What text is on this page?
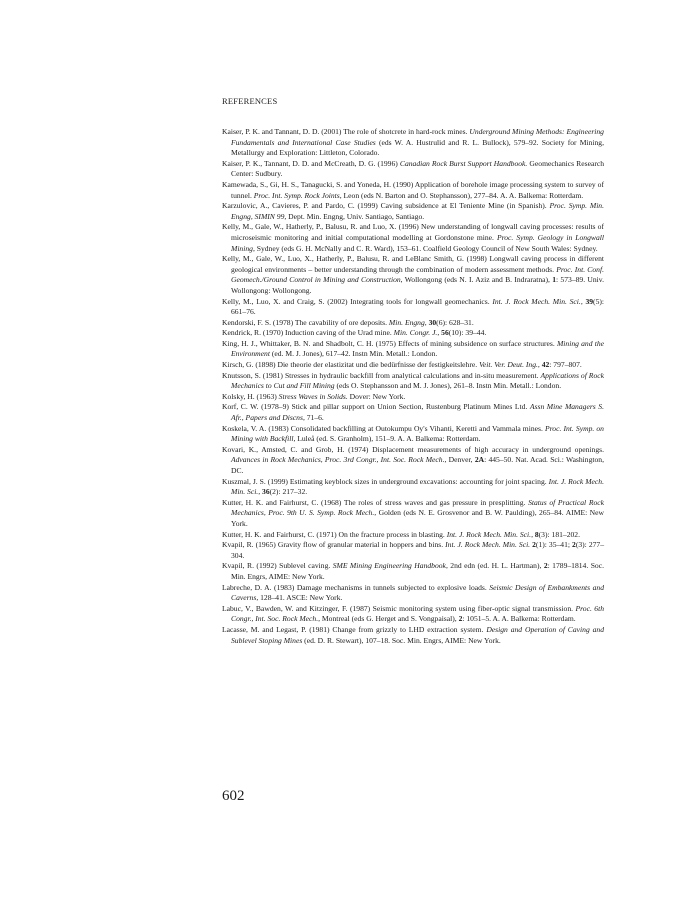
REFERENCES

Kaiser, P. K. and Tannant, D. D. (2001) The role of shotcrete in hard-rock mines. Underground Mining Methods: Engineering Fundamentals and International Case Studies (eds W. A. Hustrulid and R. L. Bullock), 579–92. Society for Mining, Metallurgy and Exploration: Littleton, Colorado.

Kaiser, P. K., Tannant, D. D. and McCreath, D. G. (1996) Canadian Rock Burst Support Handbook. Geomechanics Research Center: Sudbury.

Kamewada, S., Gi, H. S., Tanagucki, S. and Yoneda, H. (1990) Application of borehole image processing system to survey of tunnel. Proc. Int. Symp. Rock Joints, Leon (eds N. Barton and O. Stephansson), 277–84. A. A. Balkema: Rotterdam.

Karzulovic, A., Cavieres, P. and Pardo, C. (1999) Caving subsidence at El Teniente Mine (in Spanish). Proc. Symp. Min. Engng, SIMIN 99, Dept. Min. Engng, Univ. Santiago, Santiago.

Kelly, M., Gale, W., Hatherly, P., Balusu, R. and Luo, X. (1996) New understanding of longwall caving processes: results of microseismic monitoring and initial computational modelling at Gordonstone mine. Proc. Symp. Geology in Longwall Mining, Sydney (eds G. H. McNally and C. R. Ward), 153–61. Coalfield Geology Council of New South Wales: Sydney.

Kelly, M., Gale, W., Luo, X., Hatherly, P., Balusu, R. and LeBlanc Smith, G. (1998) Longwall caving process in different geological environments – better understanding through the combination of modern assessment methods. Proc. Int. Conf. Geomech./Ground Control in Mining and Construction, Wollongong (eds N. I. Aziz and B. Indraratna), 1: 573–89. Univ. Wollongong: Wollongong.

Kelly, M., Luo, X. and Craig, S. (2002) Integrating tools for longwall geomechanics. Int. J. Rock Mech. Min. Sci., 39(5): 661–76.

Kendorski, F. S. (1978) The cavability of ore deposits. Min. Engng, 30(6): 628–31.

Kendrick, R. (1970) Induction caving of the Urad mine. Min. Congr. J., 56(10): 39–44.

King, H. J., Whittaker, B. N. and Shadbolt, C. H. (1975) Effects of mining subsidence on surface structures. Mining and the Environment (ed. M. J. Jones), 617–42. Instn Min. Metall.: London.

Kirsch, G. (1898) Die theorie der elastizitat und die bedürfnisse der festigkeitslehre. Veit. Ver. Deut. Ing., 42: 797–807.

Knutsson, S. (1981) Stresses in hydraulic backfill from analytical calculations and in-situ measurement. Applications of Rock Mechanics to Cut and Fill Mining (eds O. Stephansson and M. J. Jones), 261–8. Instn Min. Metall.: London.

Kolsky, H. (1963) Stress Waves in Solids. Dover: New York.

Korf, C. W. (1978–9) Stick and pillar support on Union Section, Rustenburg Platinum Mines Ltd. Assn Mine Managers S. Afr., Papers and Discns, 71–6.

Koskela, V. A. (1983) Consolidated backfilling at Outokumpu Oy's Vihanti, Keretti and Vammala mines. Proc. Int. Symp. on Mining with Backfill, Luleå (ed. S. Granholm), 151–9. A. A. Balkema: Rotterdam.

Kovari, K., Amsted, C. and Grob, H. (1974) Displacement measurements of high accuracy in underground openings. Advances in Rock Mechanics, Proc. 3rd Congr., Int. Soc. Rock Mech., Denver, 2A: 445–50. Nat. Acad. Sci.: Washington, DC.

Kuszmal, J. S. (1999) Estimating keyblock sizes in underground excavations: accounting for joint spacing. Int. J. Rock Mech. Min. Sci., 36(2): 217–32.

Kutter, H. K. and Fairhurst, C. (1968) The roles of stress waves and gas pressure in presplitting. Status of Practical Rock Mechanics, Proc. 9th U. S. Symp. Rock Mech., Golden (eds N. E. Grosvenor and B. W. Paulding), 265–84. AIME: New York.

Kutter, H. K. and Fairhurst, C. (1971) On the fracture process in blasting. Int. J. Rock Mech. Min. Sci., 8(3): 181–202.

Kvapil, R. (1965) Gravity flow of granular material in hoppers and bins. Int. J. Rock Mech. Min. Sci. 2(1): 35–41; 2(3): 277–304.

Kvapil, R. (1992) Sublevel caving. SME Mining Engineering Handbook, 2nd edn (ed. H. L. Hartman), 2: 1789–1814. Soc. Min. Engrs, AIME: New York.

Labreche, D. A. (1983) Damage mechanisms in tunnels subjected to explosive loads. Seismic Design of Embankments and Caverns, 128–41. ASCE: New York.

Labuc, V., Bawden, W. and Kitzinger, F. (1987) Seismic monitoring system using fiber-optic signal transmission. Proc. 6th Congr., Int. Soc. Rock Mech., Montreal (eds G. Herget and S. Vongpaisal), 2: 1051–5. A. A. Balkema: Rotterdam.

Lacasse, M. and Legast, P. (1981) Change from grizzly to LHD extraction system. Design and Operation of Caving and Sublevel Stoping Mines (ed. D. R. Stewart), 107–18. Soc. Min. Engrs, AIME: New York.

602
